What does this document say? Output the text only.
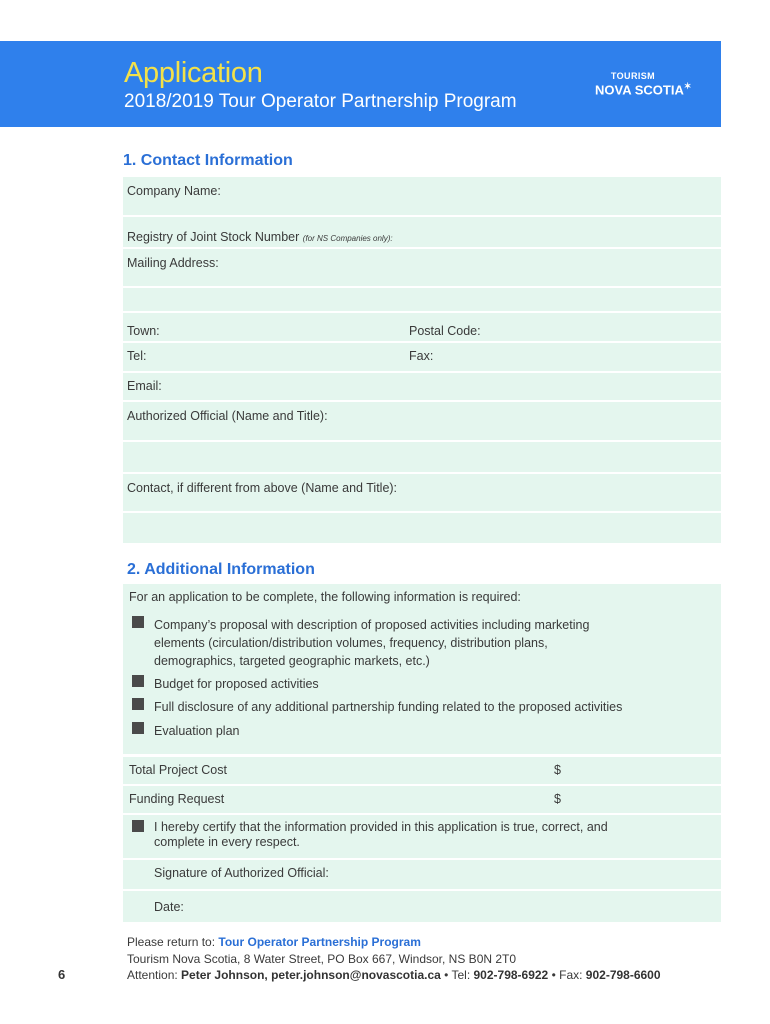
Application
2018/2019 Tour Operator Partnership Program
TOURISM
NOVA SCOTIA✶
1. Contact Information
Company Name:
Registry of Joint Stock Number (for NS Companies only):
Mailing Address:
Town:	Postal Code:
Tel:	Fax:
Email:
Authorized Official (Name and Title):
Contact, if different from above (Name and Title):
2. Additional Information
For an application to be complete, the following information is required:
Company’s proposal with description of proposed activities including marketing
elements (circulation/distribution volumes, frequency, distribution plans,
demographics, targeted geographic markets, etc.)
Budget for proposed activities
Full disclosure of any additional partnership funding related to the proposed activities
Evaluation plan
Total Project Cost	$
Funding Request	$
I hereby certify that the information provided in this application is true, correct, and
complete in every respect.
Signature of Authorized Official:
Date:
Please return to: Tour Operator Partnership Program
Tourism Nova Scotia, 8 Water Street, PO Box 667, Windsor, NS B0N 2T0
Attention: Peter Johnson, peter.johnson@novascotia.ca • Tel: 902-798-6922 • Fax: 902-798-6600
6
